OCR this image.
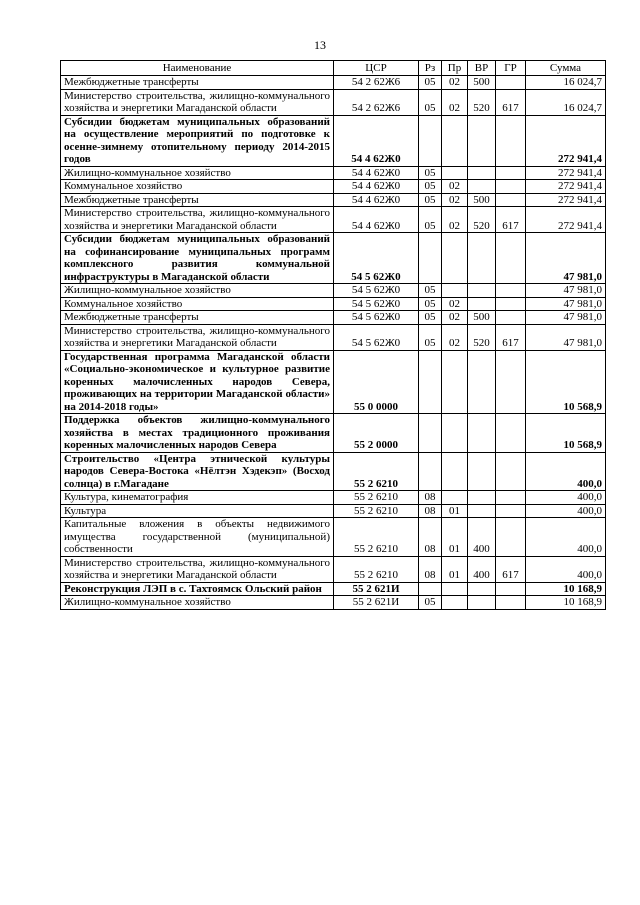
13
Наименование	ЦСР	Рз	Пр	ВР	ГР	Сумма
Межбюджетные трансферты	54 2 62Ж6	05	02	500		16 024,7
Министерство строительства, жилищно-коммунального хозяйства и энергетики Магаданской области	54 2 62Ж6	05	02	520	617	16 024,7
Субсидии бюджетам муниципальных образований на осуществление мероприятий по подготовке к осенне-зимнему отопительному периоду 2014-2015 годов	54 4 62Ж0					272 941,4
Жилищно-коммунальное хозяйство	54 4 62Ж0	05				272 941,4
Коммунальное хозяйство	54 4 62Ж0	05	02			272 941,4
Межбюджетные трансферты	54 4 62Ж0	05	02	500		272 941,4
Министерство строительства, жилищно-коммунального хозяйства и энергетики Магаданской области	54 4 62Ж0	05	02	520	617	272 941,4
Субсидии бюджетам муниципальных образований на софинансирование муниципальных программ комплексного развития коммунальной инфраструктуры в Магаданской области	54 5 62Ж0					47 981,0
Жилищно-коммунальное хозяйство	54 5 62Ж0	05				47 981,0
Коммунальное хозяйство	54 5 62Ж0	05	02			47 981,0
Межбюджетные трансферты	54 5 62Ж0	05	02	500		47 981,0
Министерство строительства, жилищно-коммунального хозяйства и энергетики Магаданской области	54 5 62Ж0	05	02	520	617	47 981,0
Государственная программа Магаданской области «Социально-экономическое и культурное развитие коренных малочисленных народов Севера, проживающих на территории Магаданской области» на 2014-2018 годы»	55 0 0000					10 568,9
Поддержка объектов жилищно-коммунального хозяйства в местах традиционного проживания коренных малочисленных народов Севера	55 2 0000					10 568,9
Строительство «Центра этнической культуры народов Севера-Востока «Нёлтэн Хэдекэп» (Восход солнца) в г.Магадане	55 2 6210					400,0
Культура, кинематография	55 2 6210	08				400,0
Культура	55 2 6210	08	01			400,0
Капитальные вложения в объекты недвижимого имущества государственной (муниципальной) собственности	55 2 6210	08	01	400		400,0
Министерство строительства, жилищно-коммунального хозяйства и энергетики Магаданской области	55 2 6210	08	01	400	617	400,0
Реконструкция ЛЭП в с. Тахтоямск Ольский район	55 2 621И					10 168,9
Жилищно-коммунальное хозяйство	55 2 621И	05				10 168,9
